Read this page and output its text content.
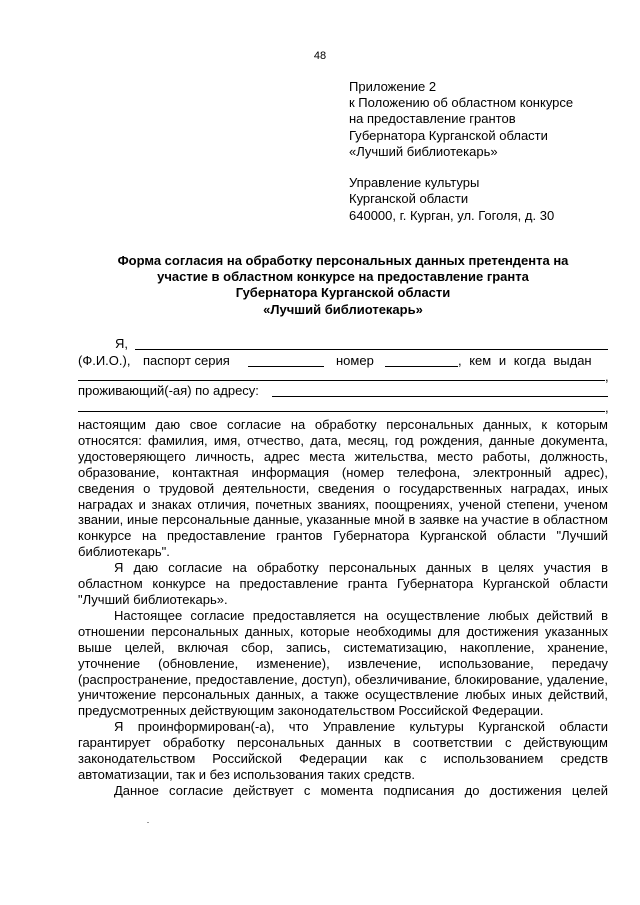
48
Приложение 2
к Положению об областном конкурсе
на предоставление грантов
Губернатора Курганской области
«Лучший библиотекарь»
Управление культуры
Курганской области
640000, г. Курган, ул. Гоголя, д. 30
Форма согласия на обработку персональных данных претендента на
участие в областном конкурсе на предоставление гранта
Губернатора Курганской области
«Лучший библиотекарь»
Я,
(Ф.И.О.), паспорт серия	номер	, кем и когда выдан
,
проживающий(-ая) по адресу:
,

настоящим даю свое согласие на обработку персональных данных, к которым относятся: фамилия, имя, отчество, дата, месяц, год рождения, данные документа, удостоверяющего личность, адрес места жительства, место работы, должность, образование, контактная информация (номер телефона, электронный адрес), сведения о трудовой деятельности, сведения о государственных наградах, иных наградах и знаках отличия, почетных званиях, поощрениях, ученой степени, ученом звании, иные персональные данные, указанные мной в заявке на участие в областном конкурсе на предоставление грантов Губернатора Курганской области "Лучший библиотекарь".

Я даю согласие на обработку персональных данных в целях участия в областном конкурсе на предоставление гранта Губернатора Курганской области "Лучший библиотекарь».

Настоящее согласие предоставляется на осуществление любых действий в отношении персональных данных, которые необходимы для достижения указанных выше целей, включая сбор, запись, систематизацию, накопление, хранение, уточнение (обновление, изменение), извлечение, использование, передачу (распространение, предоставление, доступ), обезличивание, блокирование, удаление, уничтожение персональных данных, а также осуществление любых иных действий, предусмотренных действующим законодательством Российской Федерации.

Я проинформирован(-а), что Управление культуры Курганской области гарантирует обработку персональных данных в соответствии с действующим законодательством Российской Федерации как с использованием средств автоматизации, так и без использования таких средств.

Данное согласие действует с момента подписания до достижения целей
